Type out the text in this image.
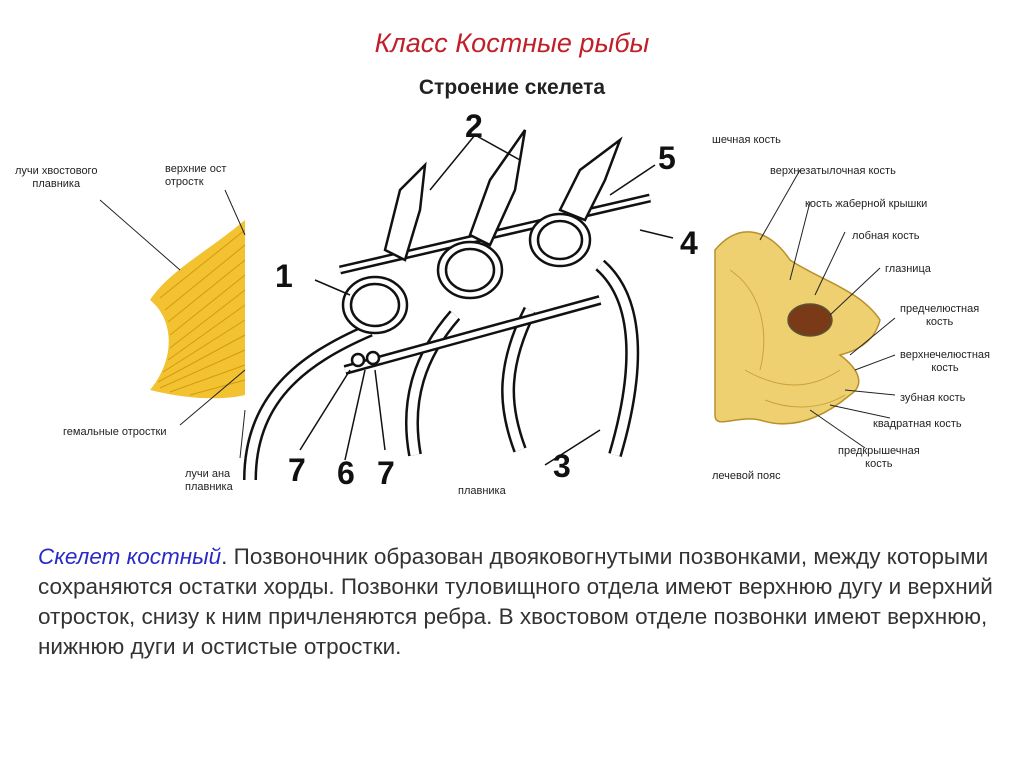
Класс Костные рыбы
Строение скелета
лучи хвостового
плавника
верхние ост
отростк
гемальные отростки
лучи ана
плавника	плавника
1
2
3
4
5
6
7 7
шечная кость
верхнезатылочная кость
кость жаберной крышки
лобная кость
глазница
предчелюстная
кость
верхнечелюстная
кость
зубная кость
квадратная кость
предкрышечная
кость
лечевой пояс
Скелет костный. Позвоночник образован двояковогнутыми позвонками, между которыми сохраняются остатки хорды. Позвонки туловищного отдела имеют верхнюю дугу и верхний отросток, снизу к ним причленяются ребра. В хвостовом отделе позвонки имеют верхнюю, нижнюю дуги и остистые отростки.
